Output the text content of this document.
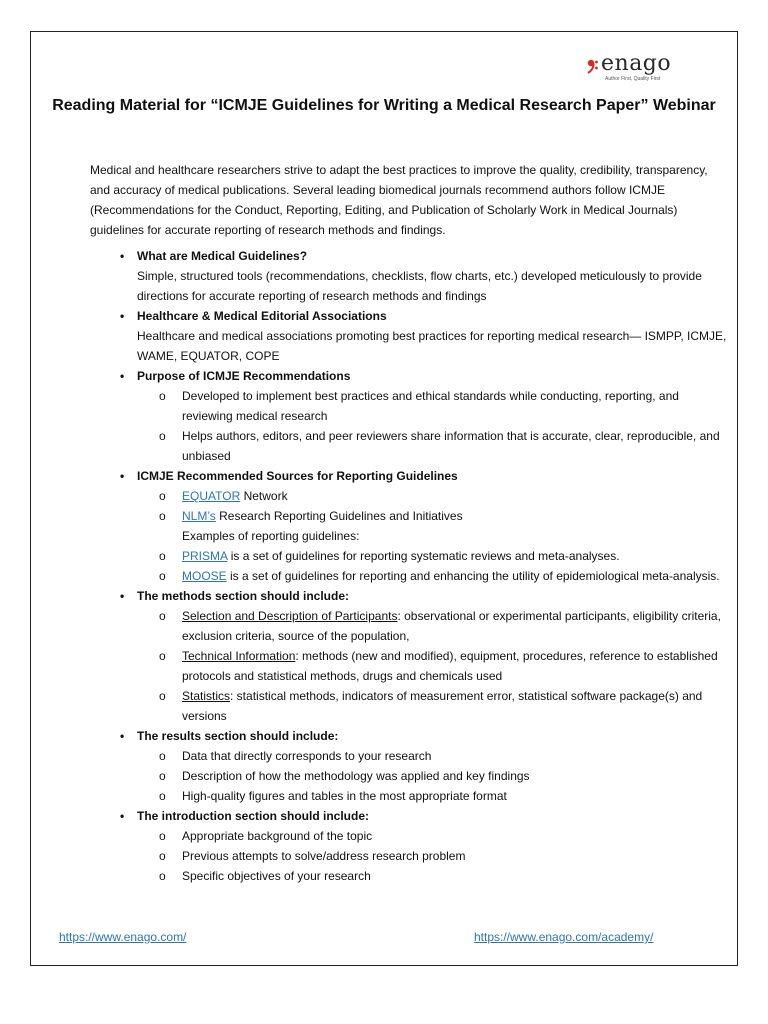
enago
Author First, Quality First
Reading Material for “ICMJE Guidelines for Writing a Medical Research Paper” Webinar

Medical and healthcare researchers strive to adapt the best practices to improve the quality, credibility, transparency, and accuracy of medical publications. Several leading biomedical journals recommend authors follow ICMJE (Recommendations for the Conduct, Reporting, Editing, and Publication of Scholarly Work in Medical Journals) guidelines for accurate reporting of research methods and findings.

• What are Medical Guidelines?
Simple, structured tools (recommendations, checklists, flow charts, etc.) developed meticulously to provide directions for accurate reporting of research methods and findings
• Healthcare & Medical Editorial Associations
Healthcare and medical associations promoting best practices for reporting medical research— ISMPP, ICMJE, WAME, EQUATOR, COPE
• Purpose of ICMJE Recommendations
o Developed to implement best practices and ethical standards while conducting, reporting, and reviewing medical research
o Helps authors, editors, and peer reviewers share information that is accurate, clear, reproducible, and unbiased
• ICMJE Recommended Sources for Reporting Guidelines
o EQUATOR Network
o NLM’s Research Reporting Guidelines and Initiatives
Examples of reporting guidelines:
o PRISMA is a set of guidelines for reporting systematic reviews and meta-analyses.
o MOOSE is a set of guidelines for reporting and enhancing the utility of epidemiological meta-analysis.
• The methods section should include:
o Selection and Description of Participants: observational or experimental participants, eligibility criteria, exclusion criteria, source of the population,
o Technical Information: methods (new and modified), equipment, procedures, reference to established protocols and statistical methods, drugs and chemicals used
o Statistics: statistical methods, indicators of measurement error, statistical software package(s) and versions
• The results section should include:
o Data that directly corresponds to your research
o Description of how the methodology was applied and key findings
o High-quality figures and tables in the most appropriate format
• The introduction section should include:
o Appropriate background of the topic
o Previous attempts to solve/address research problem
o Specific objectives of your research
https://www.enago.com/	https://www.enago.com/academy/
